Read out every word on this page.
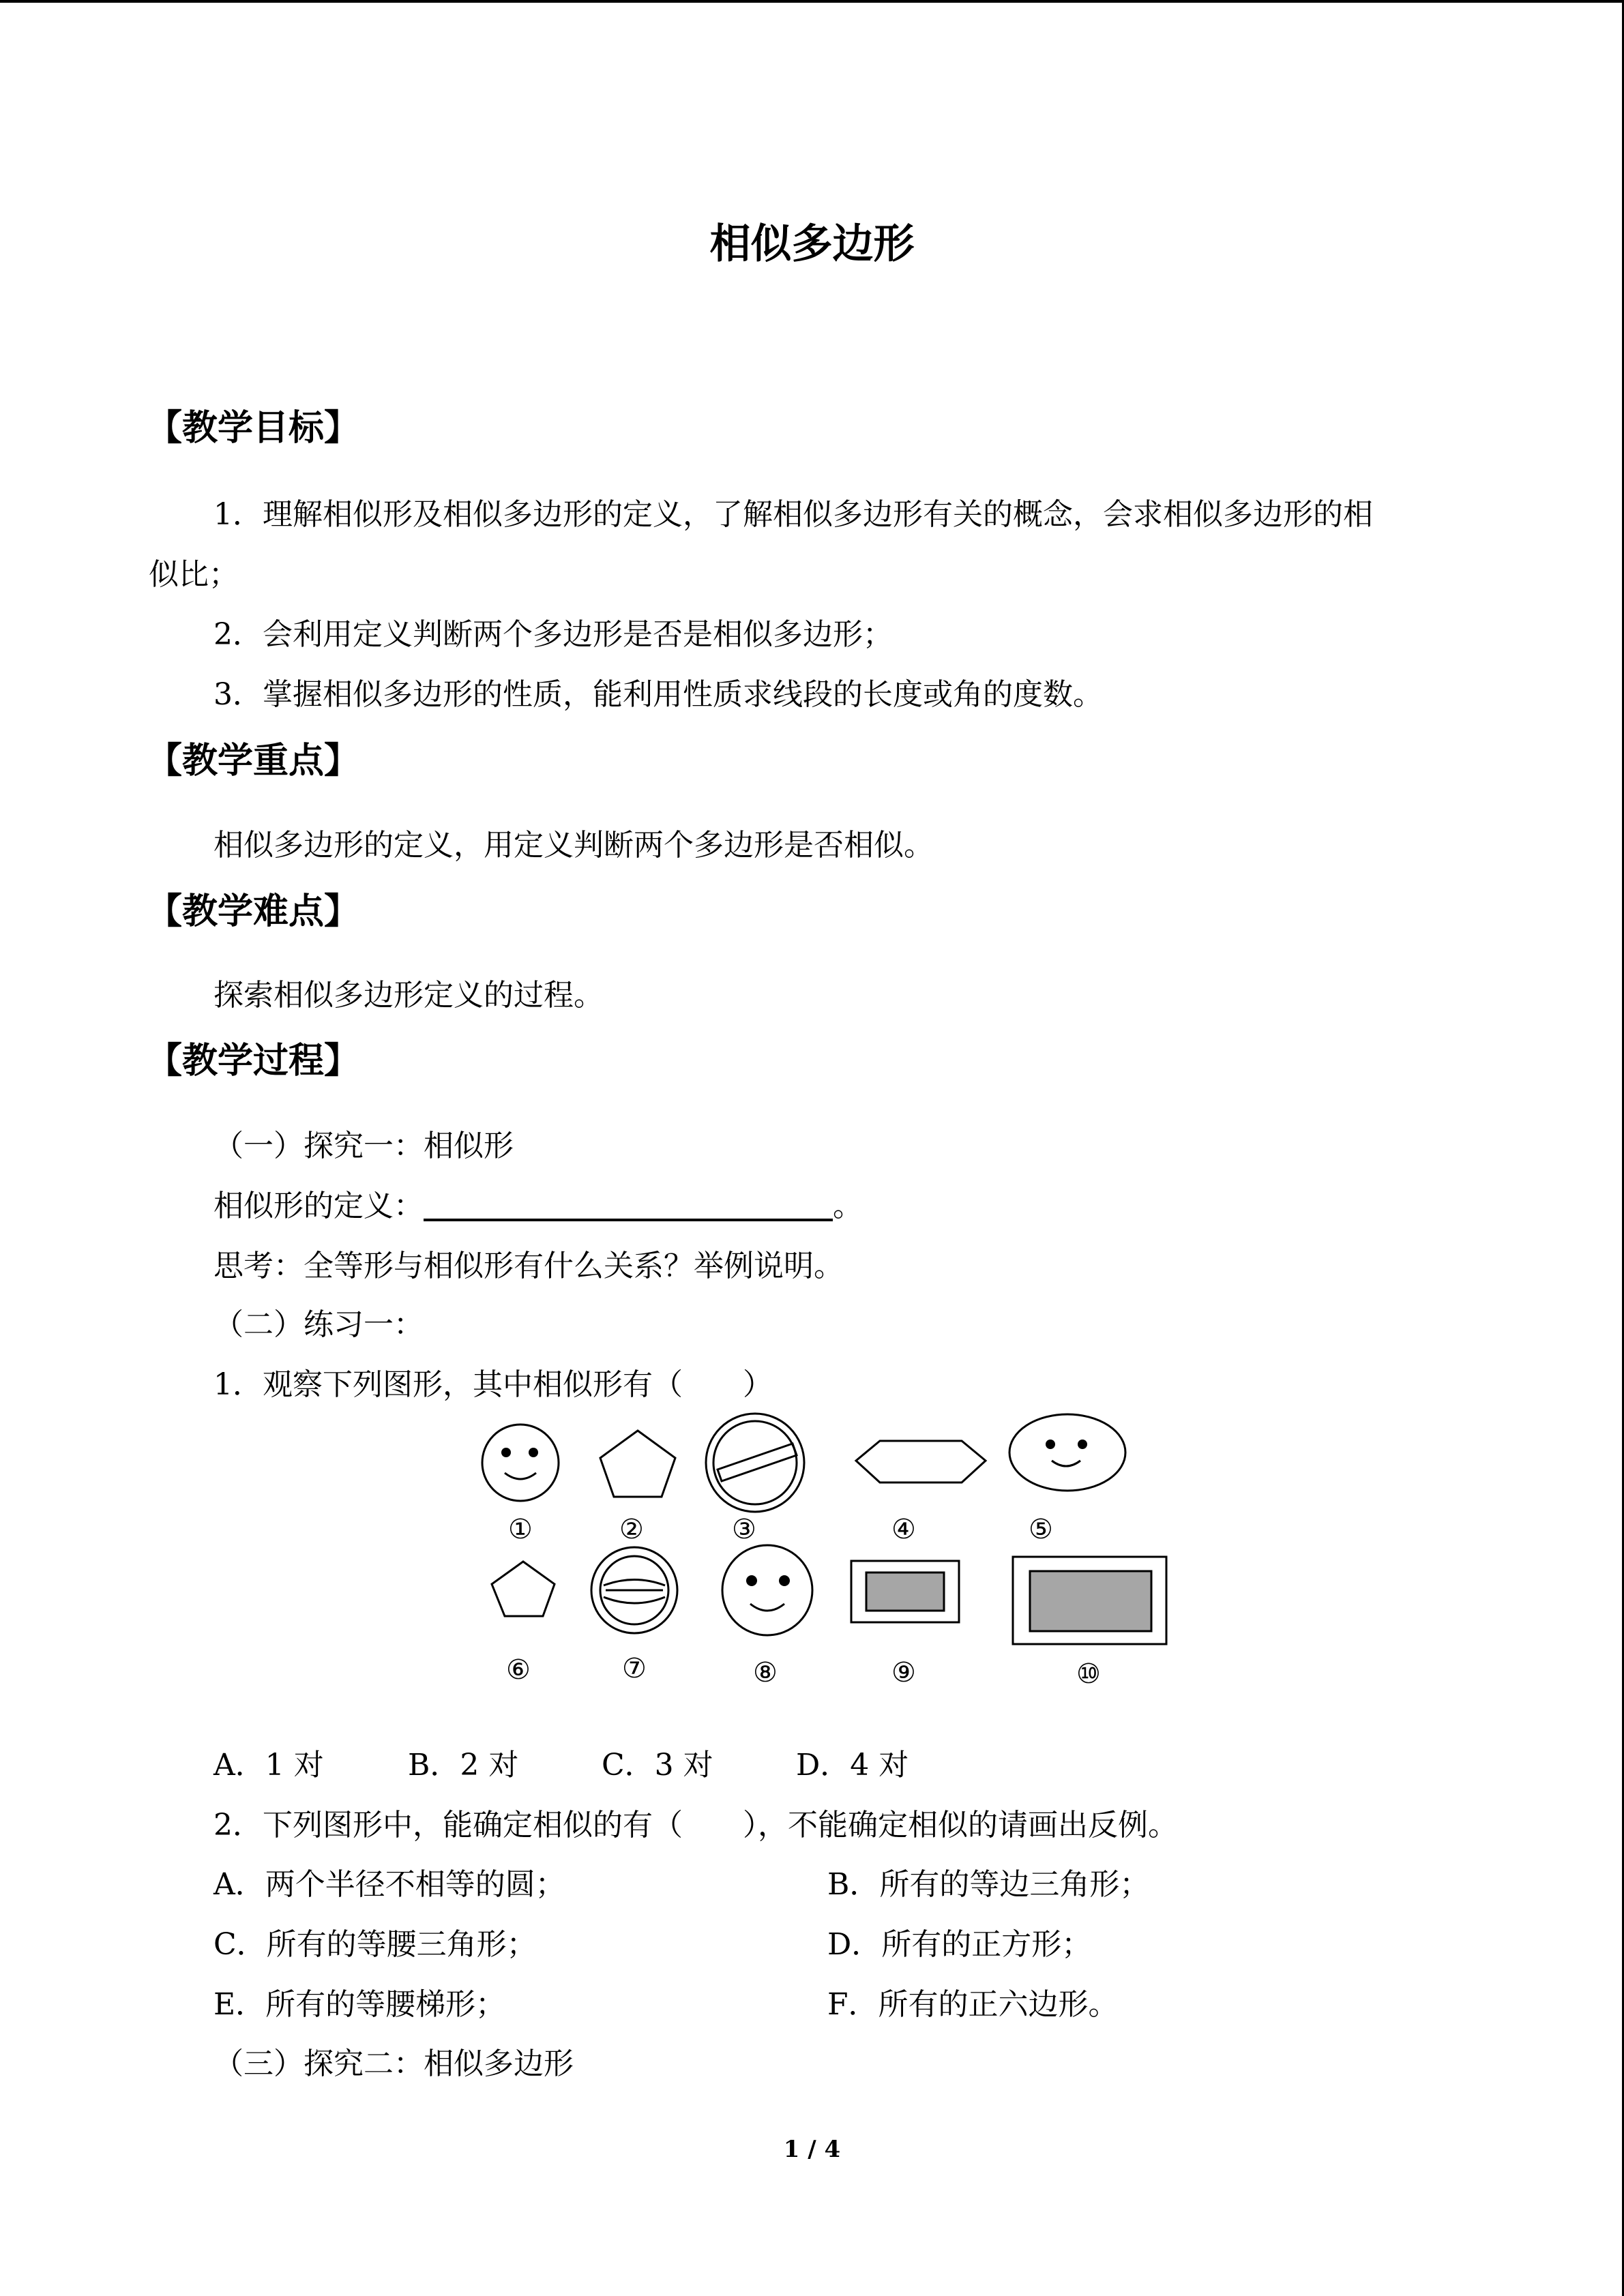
相似多边形
【教学目标】
1．理解相似形及相似多边形的定义，了解相似多边形有关的概念，会求相似多边形的相
似比；
2．会利用定义判断两个多边形是否是相似多边形；
3．掌握相似多边形的性质，能利用性质求线段的长度或角的度数。
【教学重点】
相似多边形的定义，用定义判断两个多边形是否相似。
【教学难点】
探索相似多边形定义的过程。
【教学过程】
（一）探究一：相似形
相似形的定义：	。
思考：全等形与相似形有什么关系？举例说明。
（二）练习一：
1．观察下列图形，其中相似形有（　　）
①	②	③	④	⑤
⑥	⑦	⑧	⑨	⑩
A．1 对	B．2 对	C．3 对	D．4 对
2．下列图形中，能确定相似的有（　　），不能确定相似的请画出反例。
A．两个半径不相等的圆；	B．所有的等边三角形；
C．所有的等腰三角形；	D．所有的正方形；
E．所有的等腰梯形；	F．所有的正六边形。
（三）探究二：相似多边形
1 / 4
